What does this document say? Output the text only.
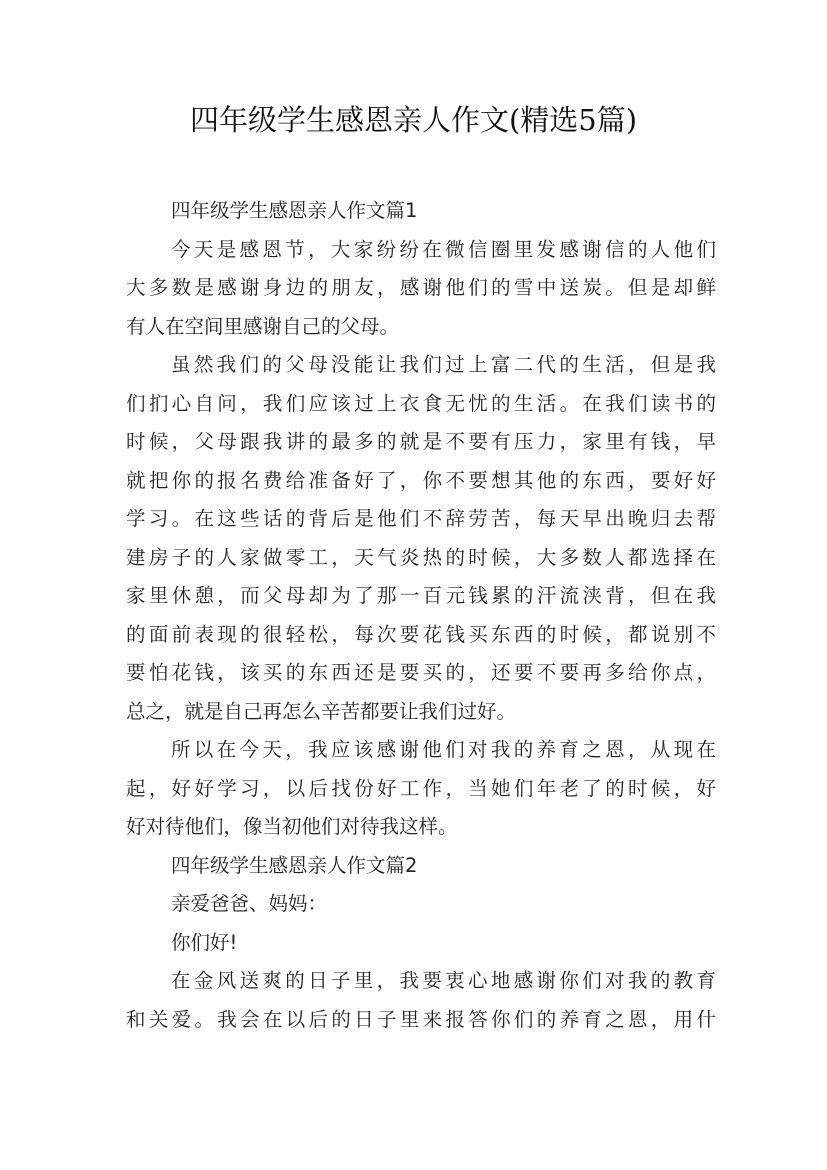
四年级学生感恩亲人作文(精选5篇)

四年级学生感恩亲人作文篇1

今天是感恩节，大家纷纷在微信圈里发感谢信的人他们

大多数是感谢身边的朋友，感谢他们的雪中送炭。但是却鲜

有人在空间里感谢自己的父母。

虽然我们的父母没能让我们过上富二代的生活，但是我

们扪心自问，我们应该过上衣食无忧的生活。在我们读书的

时候，父母跟我讲的最多的就是不要有压力，家里有钱，早

就把你的报名费给准备好了，你不要想其他的东西，要好好

学习。在这些话的背后是他们不辞劳苦，每天早出晚归去帮

建房子的人家做零工，天气炎热的时候，大多数人都选择在

家里休憩，而父母却为了那一百元钱累的汗流浃背，但在我

的面前表现的很轻松，每次要花钱买东西的时候，都说别不

要怕花钱，该买的东西还是要买的，还要不要再多给你点，

总之，就是自己再怎么辛苦都要让我们过好。

所以在今天，我应该感谢他们对我的养育之恩，从现在

起，好好学习，以后找份好工作，当她们年老了的时候，好

好对待他们，像当初他们对待我这样。

四年级学生感恩亲人作文篇2

亲爱爸爸、妈妈：

你们好!

在金风送爽的日子里，我要衷心地感谢你们对我的教育

和关爱。我会在以后的日子里来报答你们的养育之恩，用什
